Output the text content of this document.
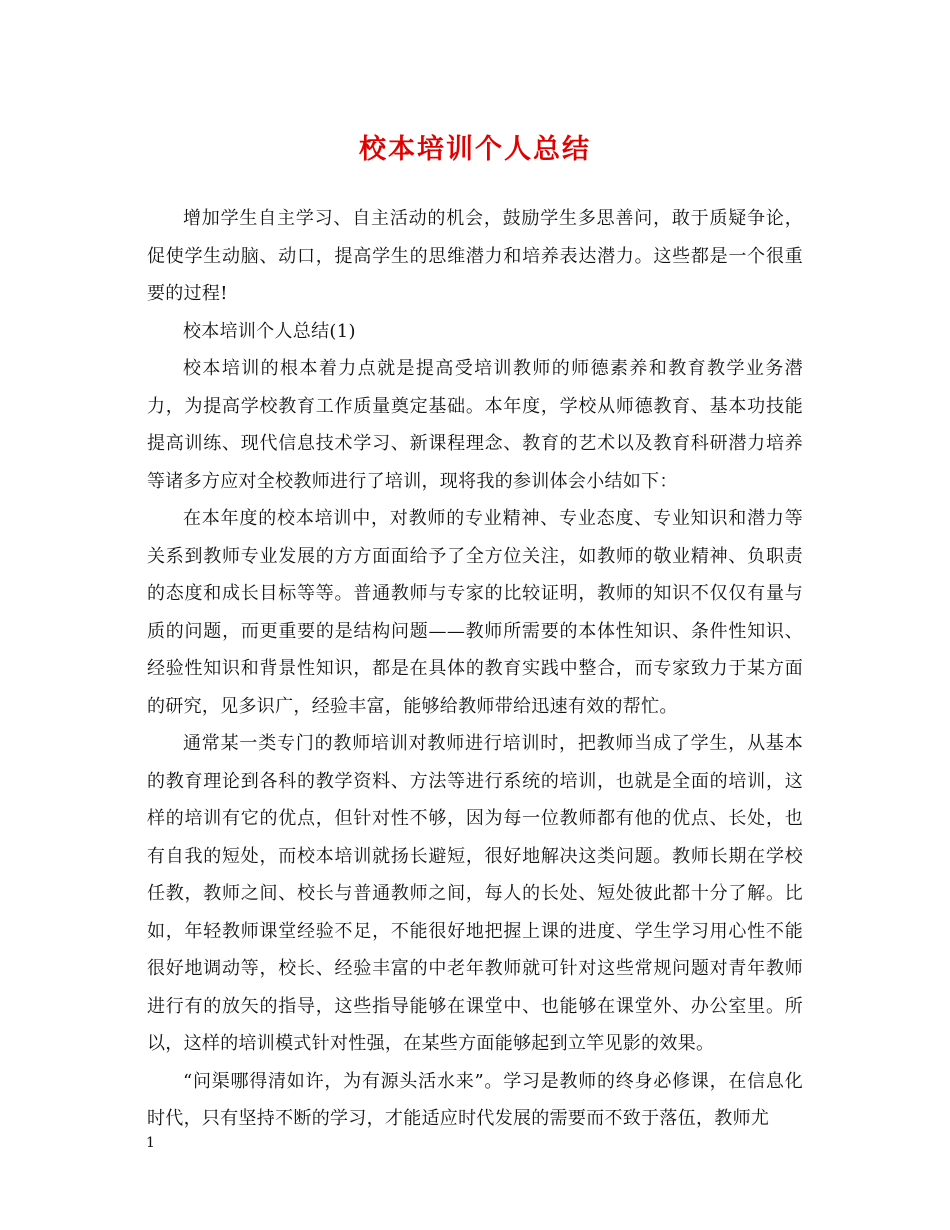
校本培训个人总结

增加学生自主学习、自主活动的机会，鼓励学生多思善问，敢于质疑争论，促使学生动脑、动口，提高学生的思维潜力和培养表达潜力。这些都是一个很重要的过程!

校本培训个人总结(1)

校本培训的根本着力点就是提高受培训教师的师德素养和教育教学业务潜力，为提高学校教育工作质量奠定基础。本年度，学校从师德教育、基本功技能提高训练、现代信息技术学习、新课程理念、教育的艺术以及教育科研潜力培养等诸多方应对全校教师进行了培训，现将我的参训体会小结如下：

在本年度的校本培训中，对教师的专业精神、专业态度、专业知识和潜力等关系到教师专业发展的方方面面给予了全方位关注，如教师的敬业精神、负职责的态度和成长目标等等。普通教师与专家的比较证明，教师的知识不仅仅有量与质的问题，而更重要的是结构问题——教师所需要的本体性知识、条件性知识、经验性知识和背景性知识，都是在具体的教育实践中整合，而专家致力于某方面的研究，见多识广，经验丰富，能够给教师带给迅速有效的帮忙。

通常某一类专门的教师培训对教师进行培训时，把教师当成了学生，从基本的教育理论到各科的教学资料、方法等进行系统的培训，也就是全面的培训，这样的培训有它的优点，但针对性不够，因为每一位教师都有他的优点、长处，也有自我的短处，而校本培训就扬长避短，很好地解决这类问题。教师长期在学校任教，教师之间、校长与普通教师之间，每人的长处、短处彼此都十分了解。比如，年轻教师课堂经验不足，不能很好地把握上课的进度、学生学习用心性不能很好地调动等，校长、经验丰富的中老年教师就可针对这些常规问题对青年教师进行有的放矢的指导，这些指导能够在课堂中、也能够在课堂外、办公室里。所以，这样的培训模式针对性强，在某些方面能够起到立竿见影的效果。

“问渠哪得清如许，为有源头活水来”。学习是教师的终身必修课，在信息化时代，只有坚持不断的学习，才能适应时代发展的需要而不致于落伍，教师尤

1
